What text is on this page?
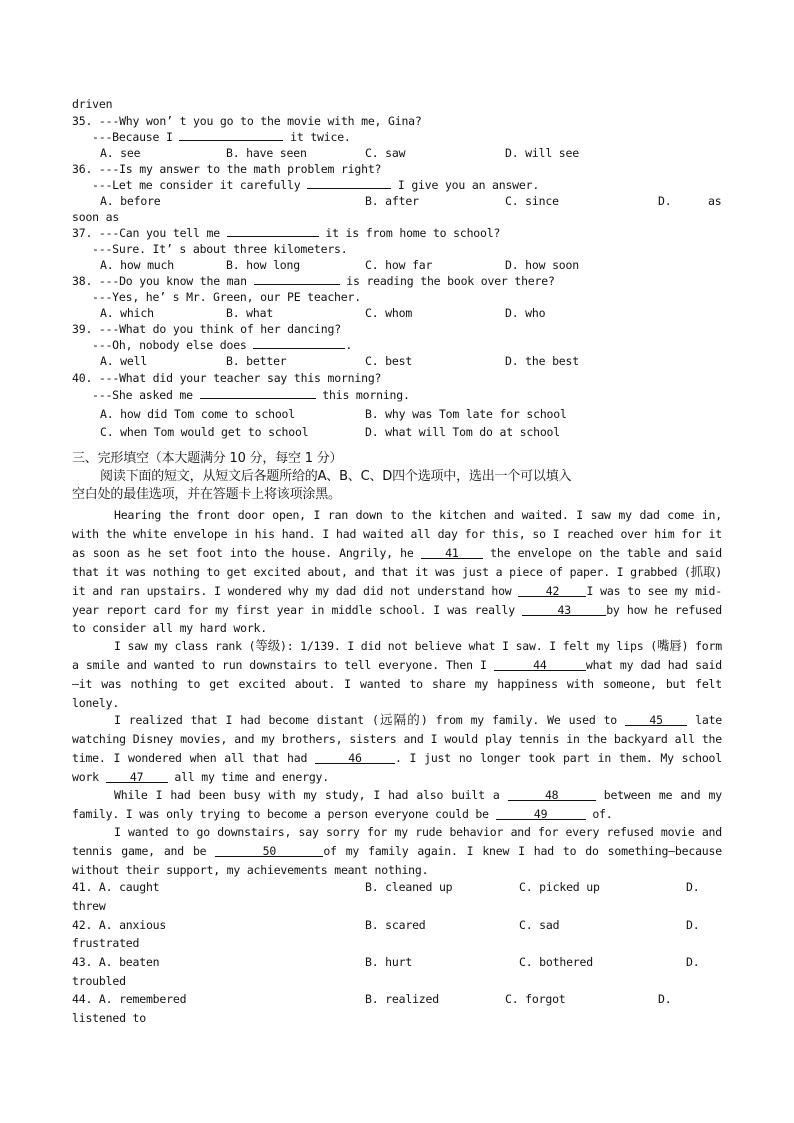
driven
35. ---Why won’ t you go to the movie with me, Gina?
---Because I	it twice.
A. see	B. have seen	C. saw	D. will see
36. ---Is my answer to the math problem right?
---Let me consider it carefully	I give you an answer.
A. before	B. after	C. since	D.	as
soon as
37. ---Can you tell me	it is from home to school?
---Sure. It’ s about three kilometers.
A. how much	B. how long	C. how far	D. how soon
38. ---Do you know the man	is reading the book over there?
---Yes, he’ s Mr. Green, our PE teacher.
A. which	B. what	C. whom	D. who
39. ---What do you think of her dancing?
---Oh, nobody else does	.
A. well	B. better	C. best	D. the best
40. ---What did your teacher say this morning?
---She asked me	this morning.
A. how did Tom come to school	B. why was Tom late for school
C. when Tom would get to school	D. what will Tom do at school
三、完形填空（本大题满分 10 分，每空 1 分）
阅读下面的短文，从短文后各题所给的A、B、C、D四个选项中，选出一个可以填入
空白处的最佳选项，并在答题卡上将该项涂黑。
Hearing the front door open, I ran down to the kitchen and waited. I saw my dad come in, with the white envelope in his hand. I had waited all day for this, so I reached over him for it as soon as he set foot into the house. Angrily, he 41 the envelope on the table and said that it was nothing to get excited about, and that it was just a piece of paper. I grabbed (抓取) it and ran upstairs. I wondered why my dad did not understand how 42 I was to see my mid-year report card for my first year in middle school. I was really	43	by how he refused to consider all my hard work.
I saw my class rank (等级): 1/139. I did not believe what I saw. I felt my lips (嘴唇) form a smile and wanted to run downstairs to tell everyone. Then I	44	what my dad had said—it was nothing to get excited about. I wanted to share my happiness with someone, but felt lonely.
I realized that I had become distant (远隔的) from my family. We used to 45 late watching Disney movies, and my brothers, sisters and I would play tennis in the backyard all the time. I wondered when all that had	46	. I just no longer took part in them. My school work 47 all my time and energy.
While I had been busy with my study, I had also built a	48	between me and my family. I was only trying to become a person everyone could be	49	of.
I wanted to go downstairs, say sorry for my rude behavior and for every refused movie and tennis game, and be	50	of my family again. I knew I had to do something—because without their support, my achievements meant nothing.
41. A. caught	B. cleaned up	C. picked up	D.
threw
42. A. anxious	B. scared	C. sad	D.
frustrated
43. A. beaten	B. hurt	C. bothered	D.
troubled
44. A. remembered	B. realized	C. forgot	D.
listened to
